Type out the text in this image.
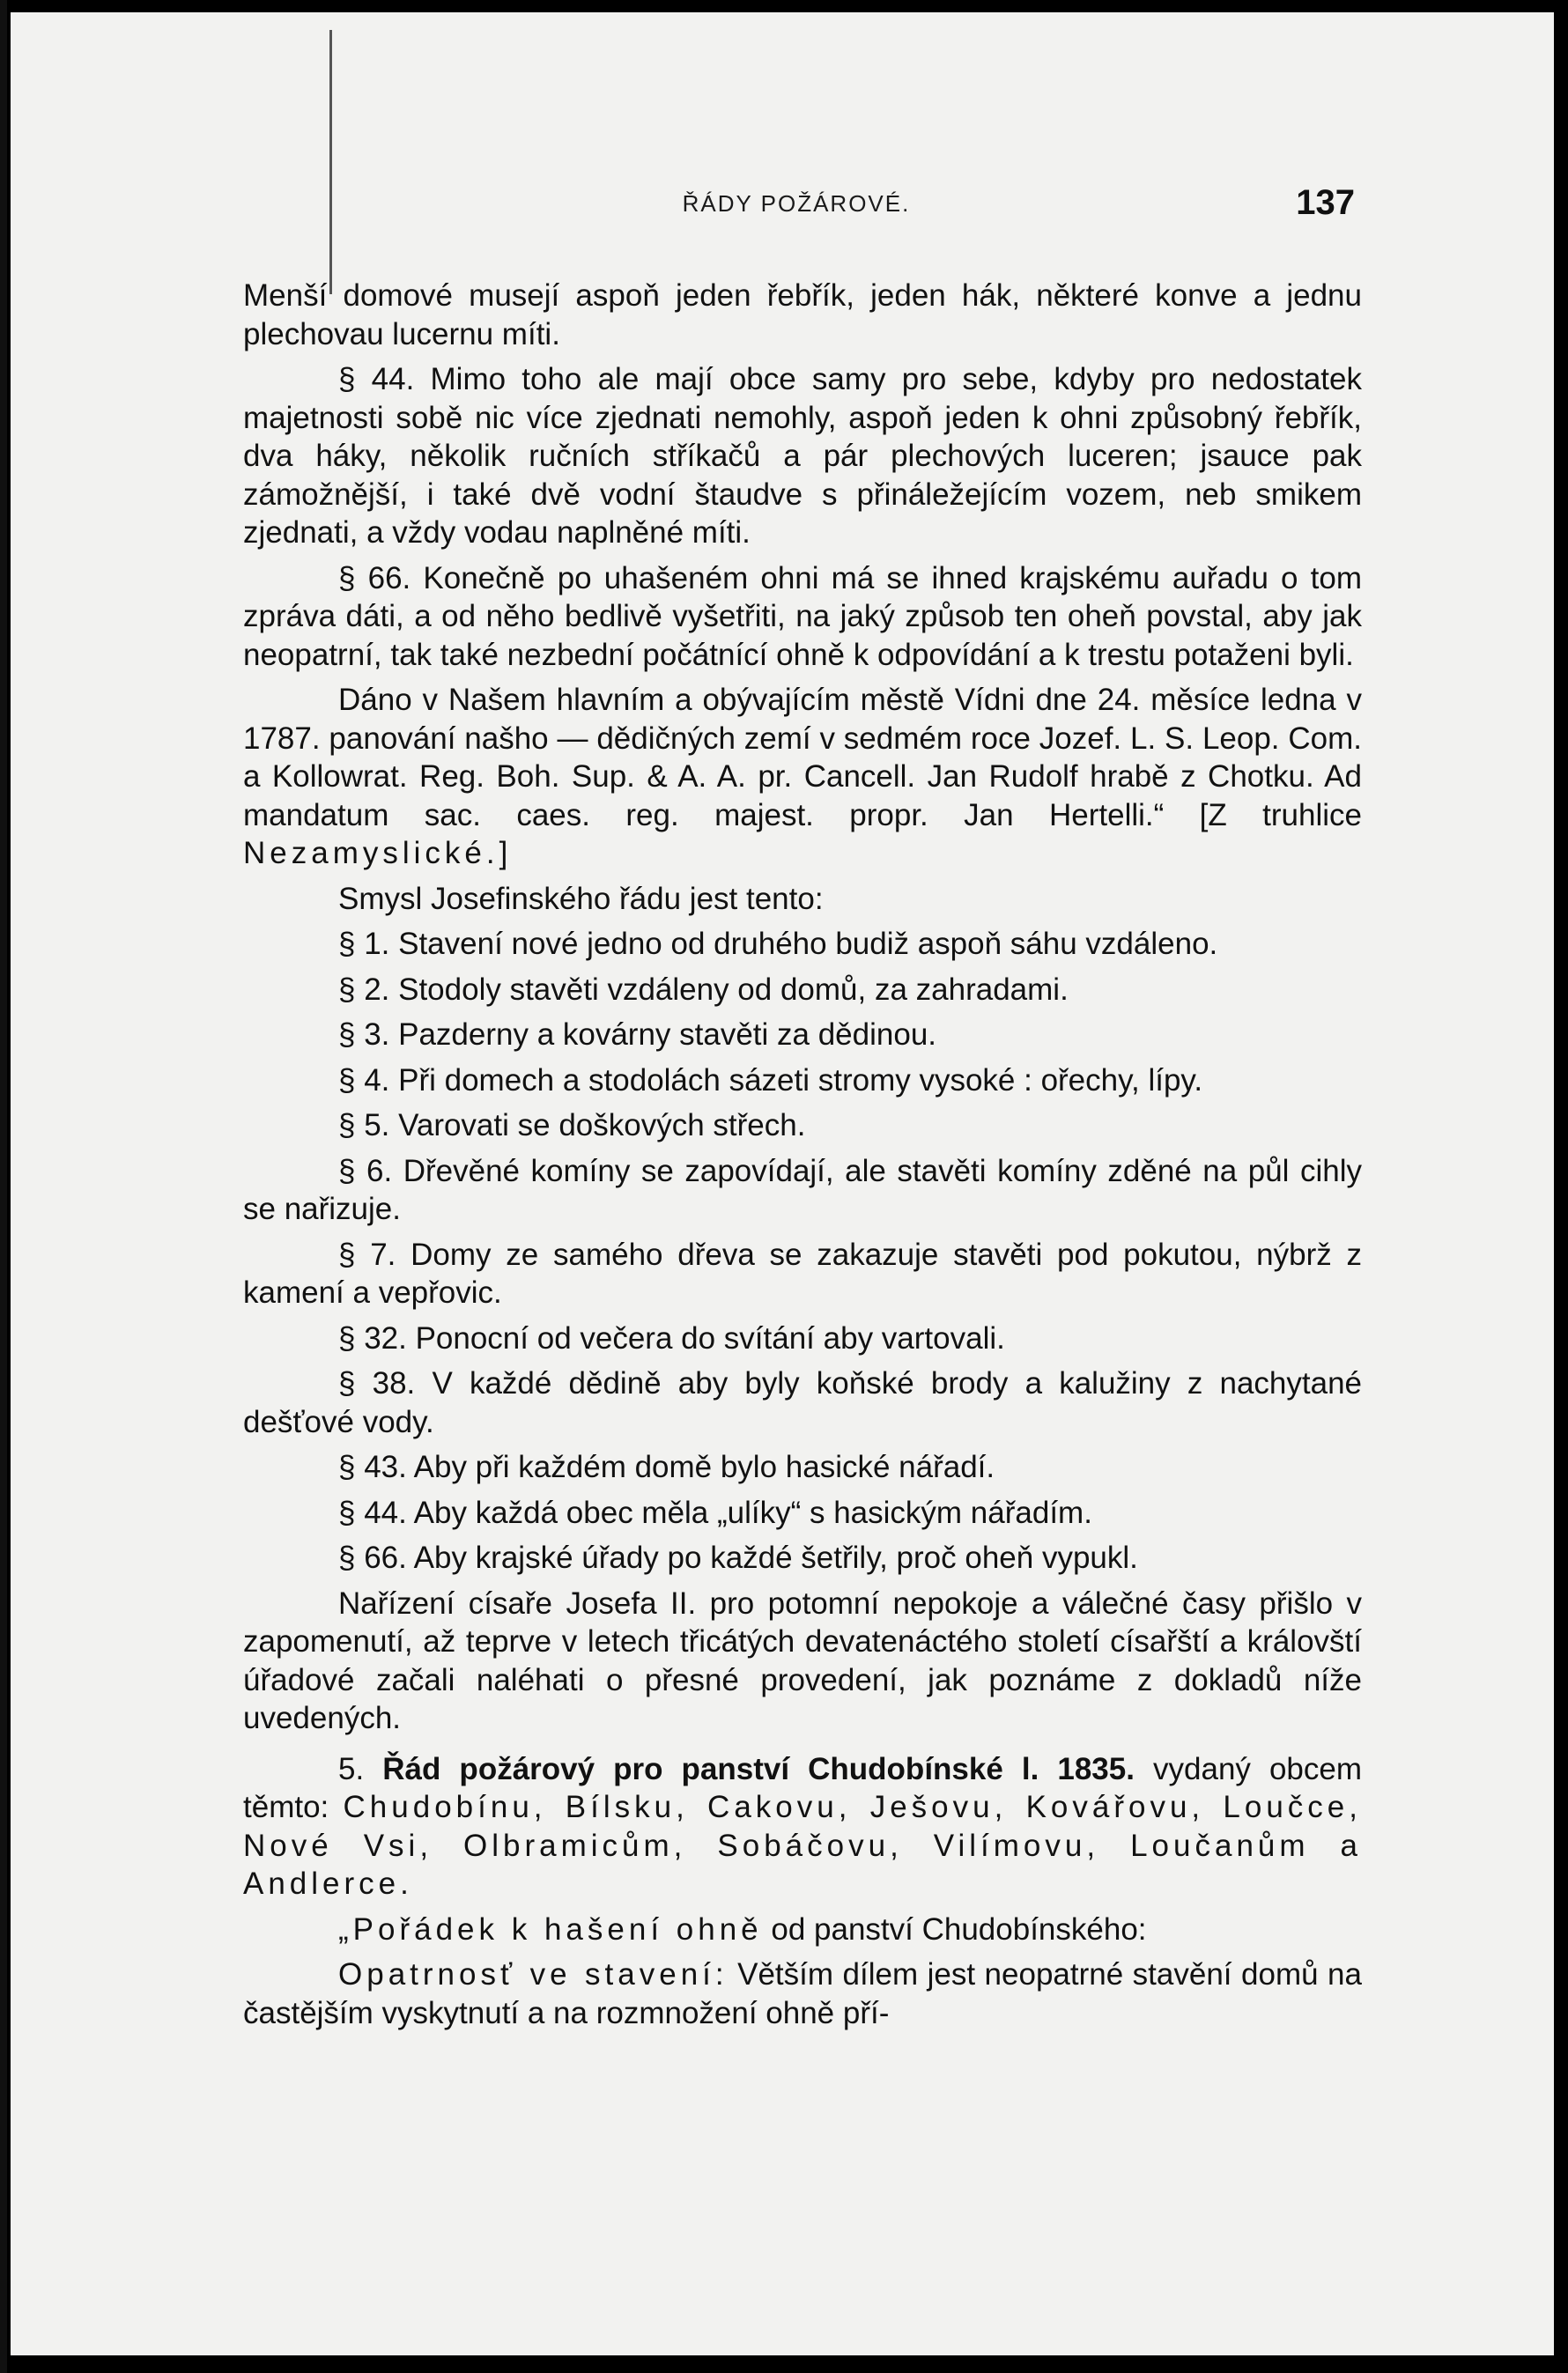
ŘÁDY POŽÁROVÉ.	137

Menší domové musejí aspoň jeden řebřík, jeden hák, některé konve a jednu plechovau lucernu míti.

§ 44. Mimo toho ale mají obce samy pro sebe, kdyby pro nedostatek majetnosti sobě nic více zjednati nemohly, aspoň jeden k ohni způsobný řebřík, dva háky, několik ručních stříkačů a pár plechových luceren; jsauce pak zámožnější, i také dvě vodní štaudve s přináležejícím vozem, neb smikem zjednati, a vždy vodau naplněné míti.

§ 66. Konečně po uhašeném ohni má se ihned krajskému auřadu o tom zpráva dáti, a od něho bedlivě vyšetřiti, na jaký způsob ten oheň povstal, aby jak neopatrní, tak také nezbední počátnící ohně k odpovídání a k trestu potaženi byli.

Dáno v Našem hlavním a obývajícím městě Vídni dne 24. měsíce ledna v 1787. panování našho — dědičných zemí v sedmém roce Jozef. L. S. Leop. Com. a Kollowrat. Reg. Boh. Sup. & A. A. pr. Cancell. Jan Rudolf hrabě z Chotku. Ad mandatum sac. caes. reg. majest. propr. Jan Hertelli.“ [Z truhlice Nezamyslické.]

Smysl Josefinského řádu jest tento:

§ 1. Stavení nové jedno od druhého budiž aspoň sáhu vzdáleno.

§ 2. Stodoly stavěti vzdáleny od domů, za zahradami.

§ 3. Pazderny a kovárny stavěti za dědinou.

§ 4. Při domech a stodolách sázeti stromy vysoké : ořechy, lípy.

§ 5. Varovati se doškových střech.

§ 6. Dřevěné komíny se zapovídají, ale stavěti komíny zděné na půl cihly se nařizuje.

§ 7. Domy ze samého dřeva se zakazuje stavěti pod pokutou, nýbrž z kamení a vepřovic.

§ 32. Ponocní od večera do svítání aby vartovali.

§ 38. V každé dědině aby byly koňské brody a kalužiny z nachytané dešťové vody.

§ 43. Aby při každém domě bylo hasické nářadí.

§ 44. Aby každá obec měla „ulíky“ s hasickým nářadím.

§ 66. Aby krajské úřady po každé šetřily, proč oheň vypukl.

Nařízení císaře Josefa II. pro potomní nepokoje a válečné časy přišlo v zapomenutí, až teprve v letech třicátých devatenáctého století císařští a královští úřadové začali naléhati o přesné provedení, jak poznáme z dokladů níže uvedených.

5. Řád požárový pro panství Chudobínské l. 1835. vydaný obcem těmto: Chudobínu, Bílsku, Cakovu, Ješovu, Kovářovu, Loučce, Nové Vsi, Olbramicům, Sobáčovu, Vilímovu, Loučanům a Andlerce.

„Pořádek k hašení ohně od panství Chudobínského:

Opatrnosť ve stavení: Větším dílem jest neopatrné stavění domů na častějším vyskytnutí a na rozmnožení ohně pří-
